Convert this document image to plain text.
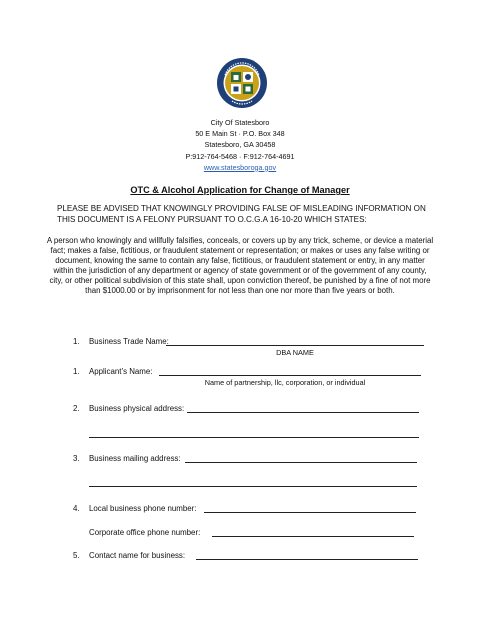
City Of Statesboro
50 E Main St · P.O. Box 348
Statesboro, GA 30458
P:912-764-5468 · F:912-764-4691
www.statesboroga.gov
OTC & Alcohol Application for Change of Manager
PLEASE BE ADVISED THAT KNOWINGLY PROVIDING FALSE OF MISLEADING INFORMATION ON THIS DOCUMENT IS A FELONY PURSUANT TO O.C.G.A 16-10-20 WHICH STATES:
A person who knowingly and willfully falsifies, conceals, or covers up by any trick, scheme, or device a material fact; makes a false, fictitious, or fraudulent statement or representation; or makes or uses any false writing or document, knowing the same to contain any false, fictitious, or fraudulent statement or entry, in any matter within the jurisdiction of any department or agency of state government or of the government of any county, city, or other political subdivision of this state shall, upon conviction thereof, be punished by a fine of not more than $1000.00 or by imprisonment for not less than one nor more than five years or both.
1. Business Trade Name:
DBA NAME
1. Applicant’s Name:
Name of partnership, llc, corporation, or individual
2. Business physical address:
3. Business mailing address:
4. Local business phone number:
Corporate office phone number:
5. Contact name for business:
